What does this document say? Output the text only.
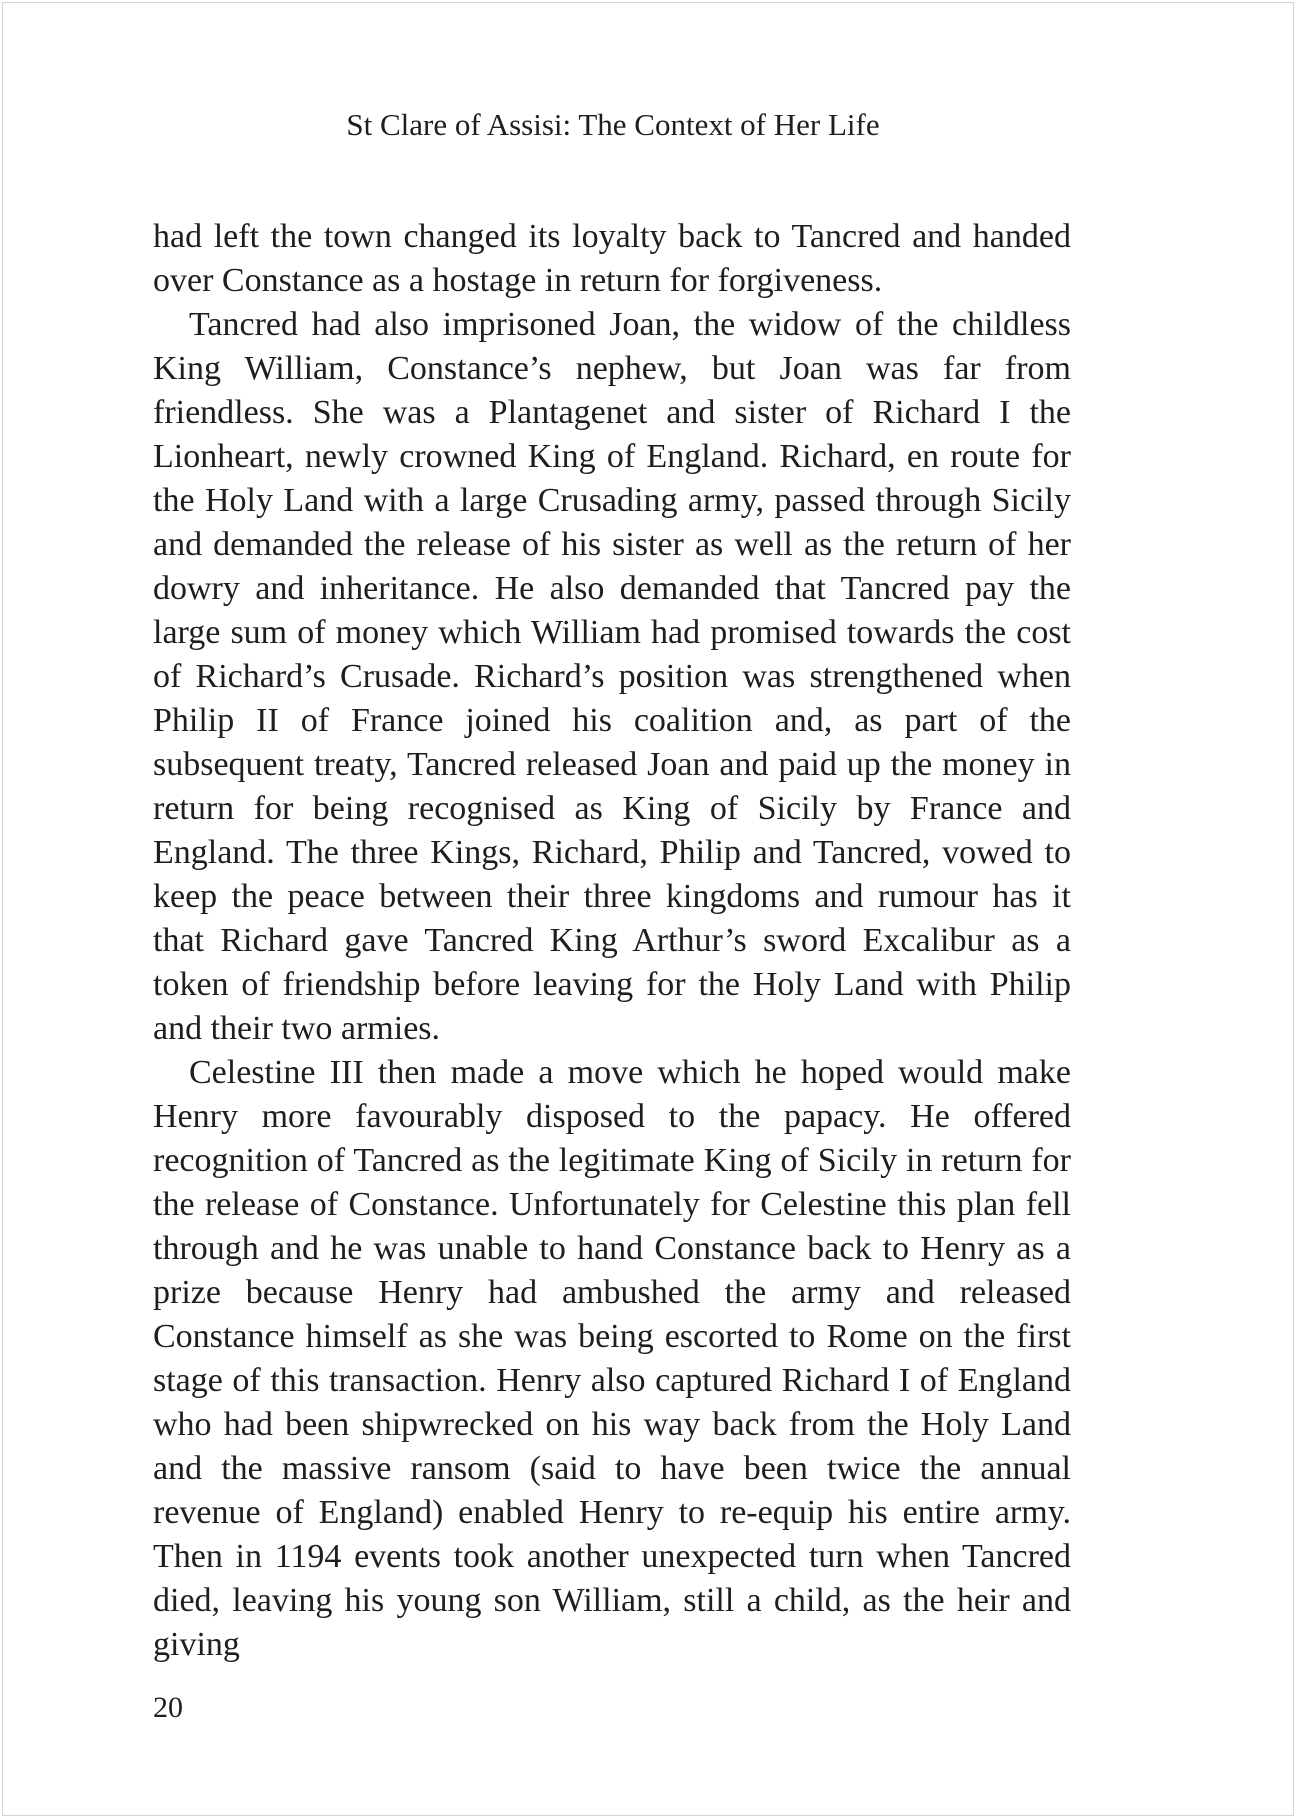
St Clare of Assisi: The Context of Her Life

had left the town changed its loyalty back to Tancred and handed over Constance as a hostage in return for forgiveness.

Tancred had also imprisoned Joan, the widow of the childless King William, Constance’s nephew, but Joan was far from friendless. She was a Plantagenet and sister of Richard I the Lionheart, newly crowned King of England. Richard, en route for the Holy Land with a large Crusading army, passed through Sicily and demanded the release of his sister as well as the return of her dowry and inheritance. He also demanded that Tancred pay the large sum of money which William had promised towards the cost of Richard’s Crusade. Richard’s position was strengthened when Philip II of France joined his coalition and, as part of the subsequent treaty, Tancred released Joan and paid up the money in return for being recognised as King of Sicily by France and England. The three Kings, Richard, Philip and Tancred, vowed to keep the peace between their three kingdoms and rumour has it that Richard gave Tancred King Arthur’s sword Excalibur as a token of friendship before leaving for the Holy Land with Philip and their two armies.

Celestine III then made a move which he hoped would make Henry more favourably disposed to the papacy. He offered recognition of Tancred as the legitimate King of Sicily in return for the release of Constance. Unfortunately for Celestine this plan fell through and he was unable to hand Constance back to Henry as a prize because Henry had ambushed the army and released Constance himself as she was being escorted to Rome on the first stage of this transaction. Henry also captured Richard I of England who had been shipwrecked on his way back from the Holy Land and the massive ransom (said to have been twice the annual revenue of England) enabled Henry to re-equip his entire army. Then in 1194 events took another unexpected turn when Tancred died, leaving his young son William, still a child, as the heir and giving

20
